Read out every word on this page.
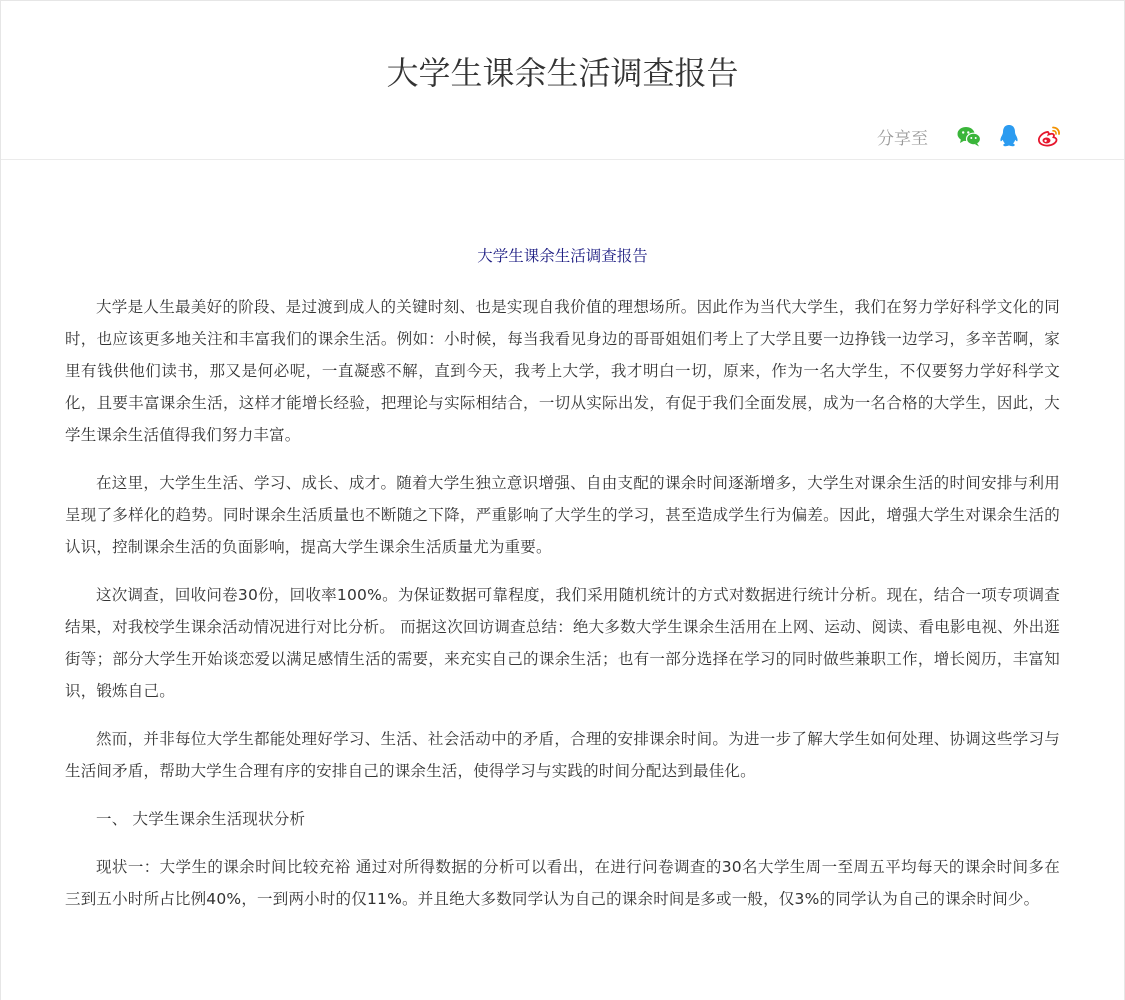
大学生课余生活调查报告
分享至
大学生课余生活调查报告

大学是人生最美好的阶段、是过渡到成人的关键时刻、也是实现自我价值的理想场所。因此作为当代大学生，我们在努力学好科学文化的同时，也应该更多地关注和丰富我们的课余生活。例如：小时候，每当我看见身边的哥哥姐姐们考上了大学且要一边挣钱一边学习，多辛苦啊，家里有钱供他们读书，那又是何必呢，一直凝惑不解，直到今天，我考上大学，我才明白一切，原来，作为一名大学生，不仅要努力学好科学文化，且要丰富课余生活，这样才能增长经验，把理论与实际相结合，一切从实际出发，有促于我们全面发展，成为一名合格的大学生，因此，大学生课余生活值得我们努力丰富。

在这里，大学生生活、学习、成长、成才。随着大学生独立意识增强、自由支配的课余时间逐渐增多，大学生对课余生活的时间安排与利用呈现了多样化的趋势。同时课余生活质量也不断随之下降，严重影响了大学生的学习，甚至造成学生行为偏差。因此，增强大学生对课余生活的认识，控制课余生活的负面影响，提高大学生课余生活质量尤为重要。

这次调查，回收问卷30份，回收率100%。为保证数据可靠程度，我们采用随机统计的方式对数据进行统计分析。现在，结合一项专项调查结果，对我校学生课余活动情况进行对比分析。 而据这次回访调查总结：绝大多数大学生课余生活用在上网、运动、阅读、看电影电视、外出逛街等；部分大学生开始谈恋爱以满足感情生活的需要，来充实自己的课余生活；也有一部分选择在学习的同时做些兼职工作，增长阅历，丰富知识，锻炼自己。

然而，并非每位大学生都能处理好学习、生活、社会活动中的矛盾，合理的安排课余时间。为进一步了解大学生如何处理、协调这些学习与生活间矛盾，帮助大学生合理有序的安排自己的课余生活，使得学习与实践的时间分配达到最佳化。

一、 大学生课余生活现状分析

现状一：大学生的课余时间比较充裕 通过对所得数据的分析可以看出，在进行问卷调查的30名大学生周一至周五平均每天的课余时间多在三到五小时所占比例40%，一到两小时的仅11%。并且绝大多数同学认为自己的课余时间是多或一般，仅3%的同学认为自己的课余时间少。
